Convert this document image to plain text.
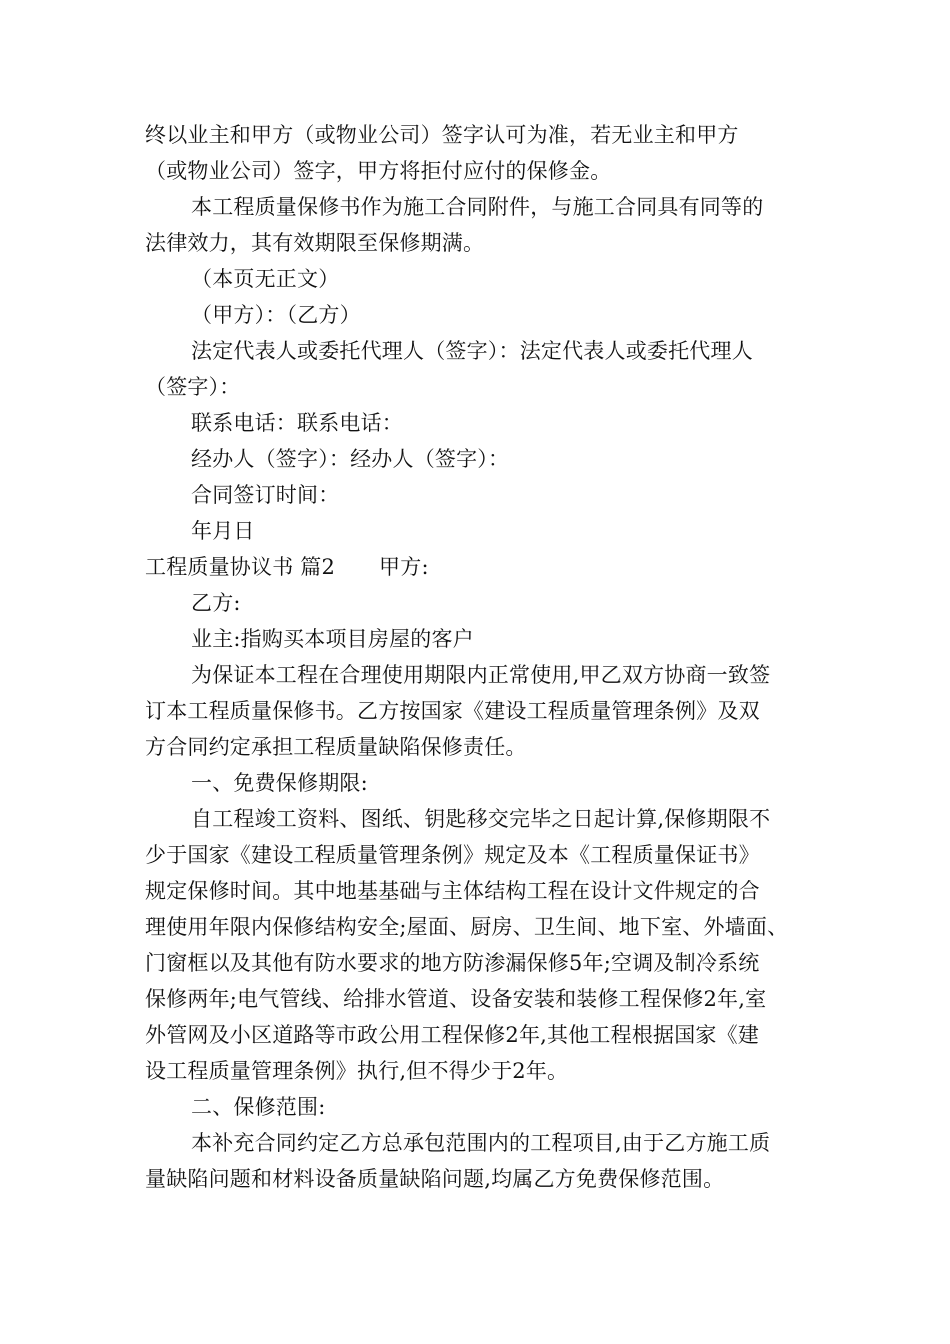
终以业主和甲方（或物业公司）签字认可为准，若无业主和甲方
（或物业公司）签字，甲方将拒付应付的保修金。
本工程质量保修书作为施工合同附件，与施工合同具有同等的
法律效力，其有效期限至保修期满。
（本页无正文）
（甲方）：（乙方）
法定代表人或委托代理人（签字）：法定代表人或委托代理人
（签字）：
联系电话：联系电话：
经办人（签字）：经办人（签字）：
合同签订时间：
年月日
工程质量协议书 篇2 甲方:
乙方:
业主:指购买本项目房屋的客户
为保证本工程在合理使用期限内正常使用,甲乙双方协商一致签
订本工程质量保修书。乙方按国家《建设工程质量管理条例》及双
方合同约定承担工程质量缺陷保修责任。
一、免费保修期限:
自工程竣工资料、图纸、钥匙移交完毕之日起计算,保修期限不
少于国家《建设工程质量管理条例》规定及本《工程质量保证书》
规定保修时间。其中地基基础与主体结构工程在设计文件规定的合
理使用年限内保修结构安全;屋面、厨房、卫生间、地下室、外墙面、
门窗框以及其他有防水要求的地方防渗漏保修5年;空调及制冷系统
保修两年;电气管线、给排水管道、设备安装和装修工程保修2年,室
外管网及小区道路等市政公用工程保修2年,其他工程根据国家《建
设工程质量管理条例》执行,但不得少于2年。
二、保修范围:
本补充合同约定乙方总承包范围内的工程项目,由于乙方施工质
量缺陷问题和材料设备质量缺陷问题,均属乙方免费保修范围。
